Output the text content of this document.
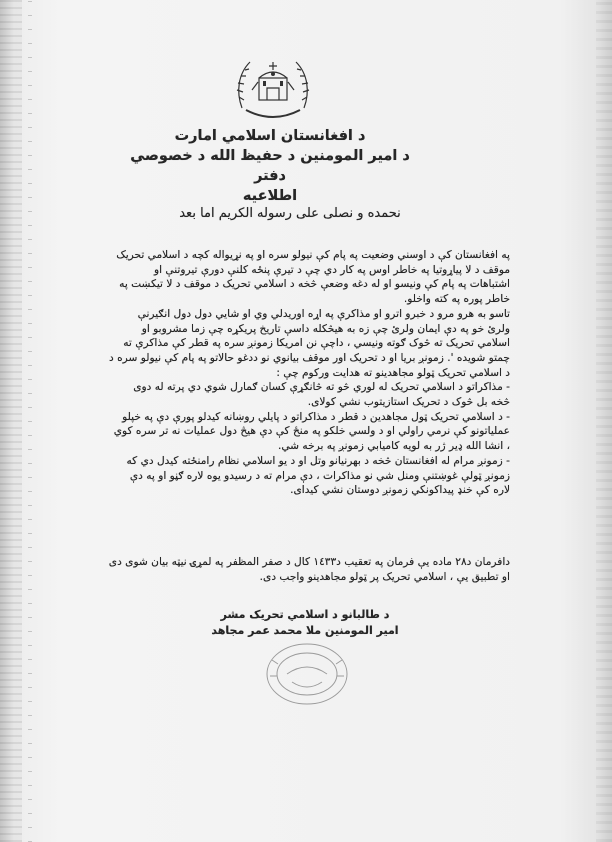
د افغانستان اسلامي امارت
د امير المومنين د حفيظ الله د خصوصي دفتر
اطلاعيه
نحمده و نصلی علی رسوله الکريم اما بعد

په افغانستان کې د اوسني وضعيت په پام کې نيولو سره او په نړيواله کچه د اسلامي تحريک

موقف د لا پياړوتيا په خاطر اوس په کار دي چې د تيرې پنځه کلنې دورې تيروتنې او

اشتباهات په پام کې ونيسو او له دغه وضعې څخه د اسلامي تحريک د موقف د لا تيکښت په

خاطر پوره په کته واخلو.

تاسو به هرو مرو د خبرو اترو او مذاکرې په اړه اوريدلي وي او شايي دول دول انګيرنې

ولرئ خو په دې ايمان ولرئ چې زه به هيڅکله داسې تاريخ پريکړه چې زما مشروبو او

اسلامي تحريک ته څوک ګوته ونيسي ، داچې نن امريکا زمونږ سره په قطر کې مذاکرې ته

چمتو شويده '. زمونږ بريا او د تحريک اور موقف بيانوي نو ددغو حالاتو په پام کې نيولو سره د

د اسلامي تحريک ټولو مجاهدينو ته هدايت ورکوم چې :

- مذاکراتو د اسلامي تحريک له لوري څو ته څانګړې کسان ګمارل شوي دي پرته له دوی

څخه بل څوک د تحريک استازيتوب نشي کولای.

- د اسلامي تحريک ټول مجاهدين د قطر د مذاکراتو د پايلي روښانه کيدلو پورې دې په خپلو

عملياتونو کې نرمي راولي او د ولسي خلکو په منځ کې دې هيڅ دول عمليات نه تر سره کوي

، انشا الله ډير ژر به لويه کاميابي زمونږ په برخه شي.

- زمونږ مرام له افغانستان څخه د بهرنيانو وتل او د يو اسلامي نظام رامنځته کيدل دي که

زمونږ ټولې غوښتنې ومنل شي نو مذاکرات ، دې مرام ته د رسيدو يوه لاره ګڼو او په دې

لاره کې خنډ پيداکونکي زمونږ دوستان نشي کيدای.

دافرمان د٢٨ ماده يې فرمان په تعقيب د١٤٣٣ کال د صفر المظفر په لمړۍ نيټه بيان شوی دی

او تطبيق يې ، اسلامي تحريک پر ټولو مجاهدينو واجب دی.

د طالبانو د اسلامي تحريک مشر
امير المومنين ملا محمد عمر مجاهد
